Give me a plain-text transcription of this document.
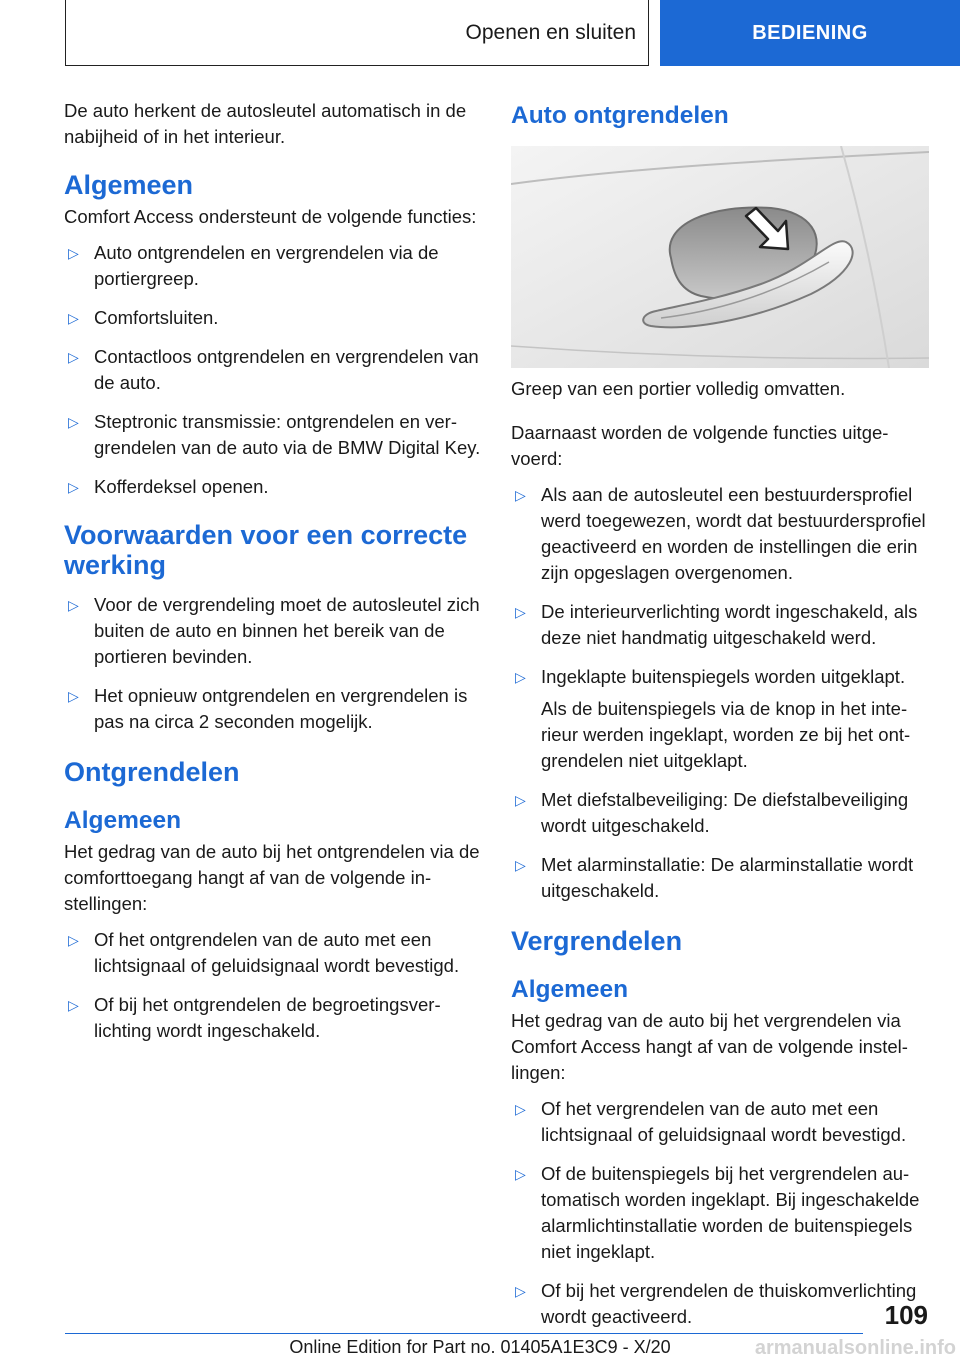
Openen en sluiten	BEDIENING

De auto herkent de autosleutel automatisch in de nabijheid of in het interieur.

Algemeen

Comfort Access ondersteunt de volgende functies:

▷ Auto ontgrendelen en vergrendelen via de portiergreep.
▷ Comfortsluiten.
▷ Contactloos ontgrendelen en vergrendelen van de auto.
▷ Steptronic transmissie: ontgrendelen en vergrendelen van de auto via de BMW Digital Key.
▷ Kofferdeksel openen.
Voorwaarden voor een correcte werking
▷ Voor de vergrendeling moet de autosleutel zich buiten de auto en binnen het bereik van de portieren bevinden.
▷ Het opnieuw ontgrendelen en vergrendelen is pas na circa 2 seconden mogelijk.
Ontgrendelen
Algemeen

Het gedrag van de auto bij het ontgrendelen via de comforttoegang hangt af van de volgende instellingen:

▷ Of het ontgrendelen van de auto met een lichtsignaal of geluidsignaal wordt bevestigd.
▷ Of bij het ontgrendelen de begroetingsverlichting wordt ingeschakeld.
Auto ontgrendelen

Greep van een portier volledig omvatten.

Daarnaast worden de volgende functies uitgevoerd:

▷ Als aan de autosleutel een bestuurdersprofiel werd toegewezen, wordt dat bestuurdersprofiel geactiveerd en worden de instellingen die erin zijn opgeslagen overgenomen.
▷ De interieurverlichting wordt ingeschakeld, als deze niet handmatig uitgeschakeld werd.
▷ Ingeklapte buitenspiegels worden uitgeklapt.
Als de buitenspiegels via de knop in het interieur werden ingeklapt, worden ze bij het ontgrendelen niet uitgeklapt.
▷ Met diefstalbeveiliging: De diefstalbeveiliging wordt uitgeschakeld.
▷ Met alarminstallatie: De alarminstallatie wordt uitgeschakeld.
Vergrendelen
Algemeen

Het gedrag van de auto bij het vergrendelen via Comfort Access hangt af van de volgende instellingen:

▷ Of het vergrendelen van de auto met een lichtsignaal of geluidsignaal wordt bevestigd.
▷ Of de buitenspiegels bij het vergrendelen automatisch worden ingeklapt. Bij ingeschakelde alarmlichtinstallatie worden de buitenspiegels niet ingeklapt.
▷ Of bij het vergrendelen de thuiskomverlichting wordt geactiveerd.	109
Online Edition for Part no. 01405A1E3C9 - X/20	armanualsonline.info
